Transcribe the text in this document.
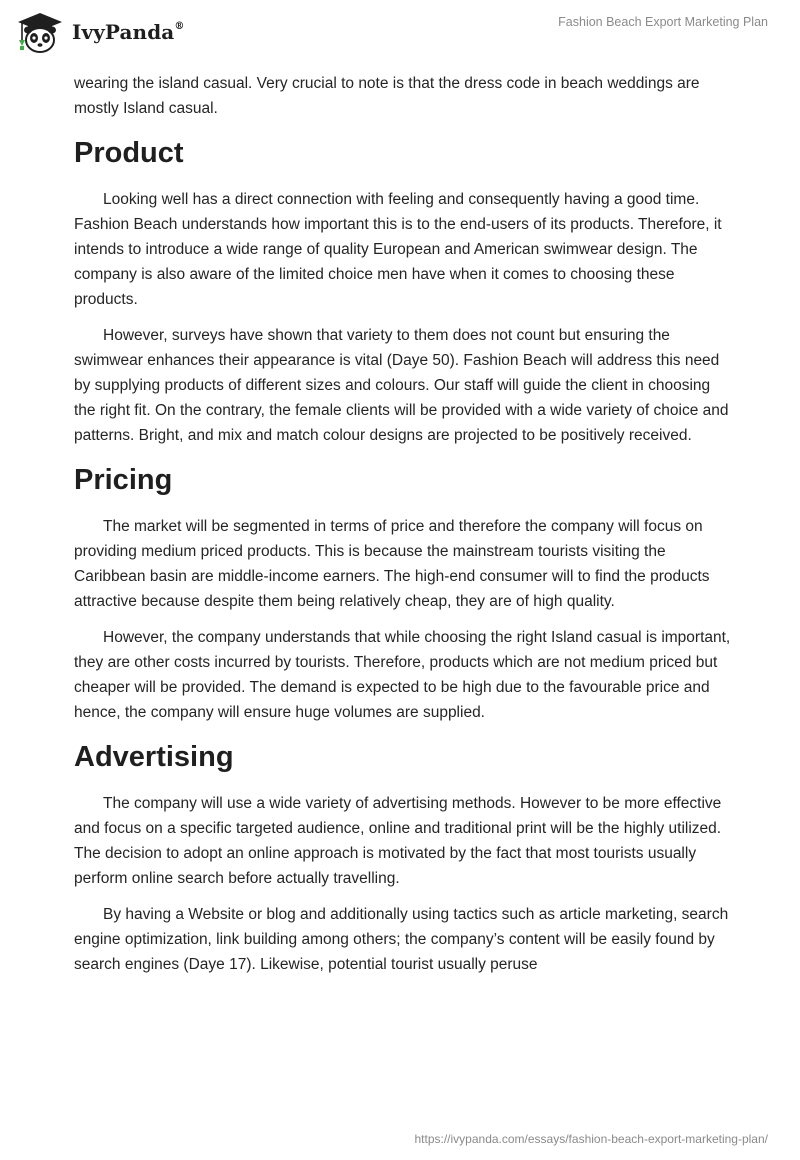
IvyPanda®	Fashion Beach Export Marketing Plan

wearing the island casual. Very crucial to note is that the dress code in beach weddings are mostly Island casual.

Product

Looking well has a direct connection with feeling and consequently having a good time. Fashion Beach understands how important this is to the end-users of its products. Therefore, it intends to introduce a wide range of quality European and American swimwear design. The company is also aware of the limited choice men have when it comes to choosing these products.

However, surveys have shown that variety to them does not count but ensuring the swimwear enhances their appearance is vital (Daye 50). Fashion Beach will address this need by supplying products of different sizes and colours. Our staff will guide the client in choosing the right fit. On the contrary, the female clients will be provided with a wide variety of choice and patterns. Bright, and mix and match colour designs are projected to be positively received.

Pricing

The market will be segmented in terms of price and therefore the company will focus on providing medium priced products. This is because the mainstream tourists visiting the Caribbean basin are middle-income earners. The high-end consumer will to find the products attractive because despite them being relatively cheap, they are of high quality.

However, the company understands that while choosing the right Island casual is important, they are other costs incurred by tourists. Therefore, products which are not medium priced but cheaper will be provided. The demand is expected to be high due to the favourable price and hence, the company will ensure huge volumes are supplied.

Advertising

The company will use a wide variety of advertising methods. However to be more effective and focus on a specific targeted audience, online and traditional print will be the highly utilized. The decision to adopt an online approach is motivated by the fact that most tourists usually perform online search before actually travelling.

By having a Website or blog and additionally using tactics such as article marketing, search engine optimization, link building among others; the company’s content will be easily found by search engines (Daye 17). Likewise, potential tourist usually peruse

https://ivypanda.com/essays/fashion-beach-export-marketing-plan/
